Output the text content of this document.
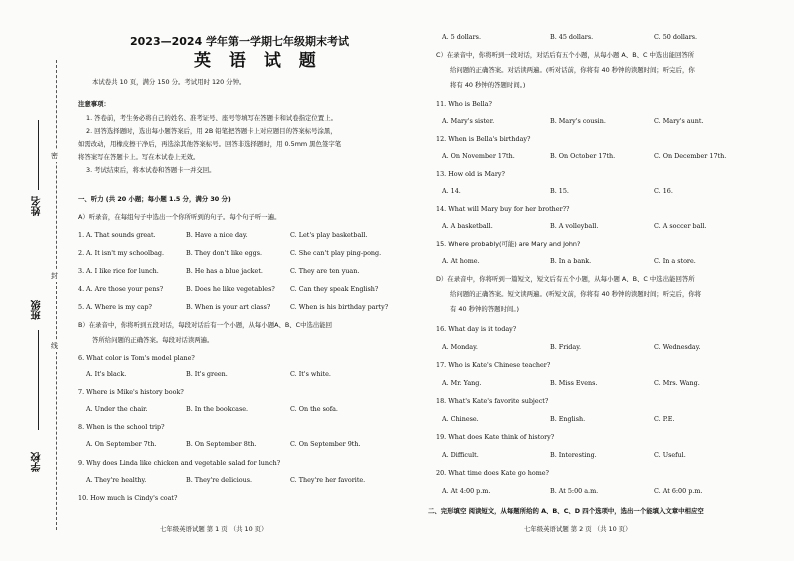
姓名
班级
学校
密
封
线
2023—2024 学年第一学期七年级期末考试
英 语 试 题
本试卷共 10 页，满分 150 分。考试用时 120 分钟。
注意事项：
1. 答卷前，考生务必将自己的姓名、准考证号、座号等填写在答题卡和试卷指定位置上。
2. 回答选择题时，选出每小题答案后，用 2B 铅笔把答题卡上对应题目的答案标号涂黑，
如需改动，用橡皮擦干净后，再选涂其他答案标号。回答非选择题时，用 0.5mm 黑色签字笔
将答案写在答题卡上。写在本试卷上无效。
3. 考试结束后，将本试卷和答题卡一并交回。
一、听力 (共 20 小题；每小题 1.5 分，满分 30 分)
A）听录音，在每组句子中选出一个你所听到的句子。每个句子听一遍。
1. A. That sounds great.	B. Have a nice day.	C. Let's play basketball.
2. A. It isn't my schoolbag.	B. They don't like eggs.	C. She can't play ping-pong.
3. A. I like rice for lunch.	B. He has a blue jacket.	C. They are ten yuan.
4. A. Are those your pens?	B. Does he like vegetables? C. Can they speak English?
5. A. Where is my cap?	B. When is your art class?	C. When is his birthday party?
B）在录音中，你将听到五段对话，每段对话后有一个小题，从每小题A、B、C中选出能回
答所给问题的正确答案。每段对话读两遍。
6. What color is Tom's model plane?
A. It's black.	B. It's green.	C. It's white.
7. Where is Mike's history book?
A. Under the chair.	B. In the bookcase.	C. On the sofa.
8. When is the school trip?
A. On September 7th.	B. On September 8th.	C. On September 9th.
9. Why does Linda like chicken and vegetable salad for lunch?
A. They're healthy.	B. They're delicious.	C. They're her favorite.
10. How much is Cindy's coat?
七年级英语试题 第 1 页 （共 10 页）
A. 5 dollars.	B. 45 dollars.	C. 50 dollars.
C）在录音中，你将听到一段对话，对话后有五个小题，从每小题 A、B、C 中选出能回答所
给问题的正确答案。对话读两遍。(听对话前，你将有 40 秒钟的读题时间；听完后，你
将有 40 秒钟的答题时间。)
11. Who is Bella?
A. Mary's sister.	B. Mary's cousin.	C. Mary's aunt.
12. When is Bella's birthday?
A. On November 17th.	B. On October 17th.	C. On December 17th.
13. How old is Mary?
A. 14.	B. 15.	C. 16.
14. What will Mary buy for her brother??
A. A basketball.	B. A volleyball.	C. A soccer ball.
15. Where probably(可能) are Mary and John?
A. At home.	B. In a bank.	C. In a store.
D）在录音中，你将听到一篇短文，短文后有五个小题，从每小题 A、B、C 中选出能回答所
给问题的正确答案。短文读两遍。(听短文前，你将有 40 秒钟的读题时间；听完后，你将
有 40 秒钟的答题时间。)
16. What day is it today?
A. Monday.	B. Friday.	C. Wednesday.
17. Who is Kate's Chinese teacher?
A. Mr. Yang.	B. Miss Evens.	C. Mrs. Wang.
18. What's Kate's favorite subject?
A. Chinese.	B. English.	C. P.E.
19. What does Kate think of history?
A. Difficult.	B. Interesting.	C. Useful.
20. What time does Kate go home?
A. At 4:00 p.m.	B. At 5:00 a.m.	C. At 6:00 p.m.
二、完形填空 阅读短文，从每题所给的 A、B、C、D 四个选项中，选出一个能填入文章中相应空
七年级英语试题 第 2 页 （共 10 页）
